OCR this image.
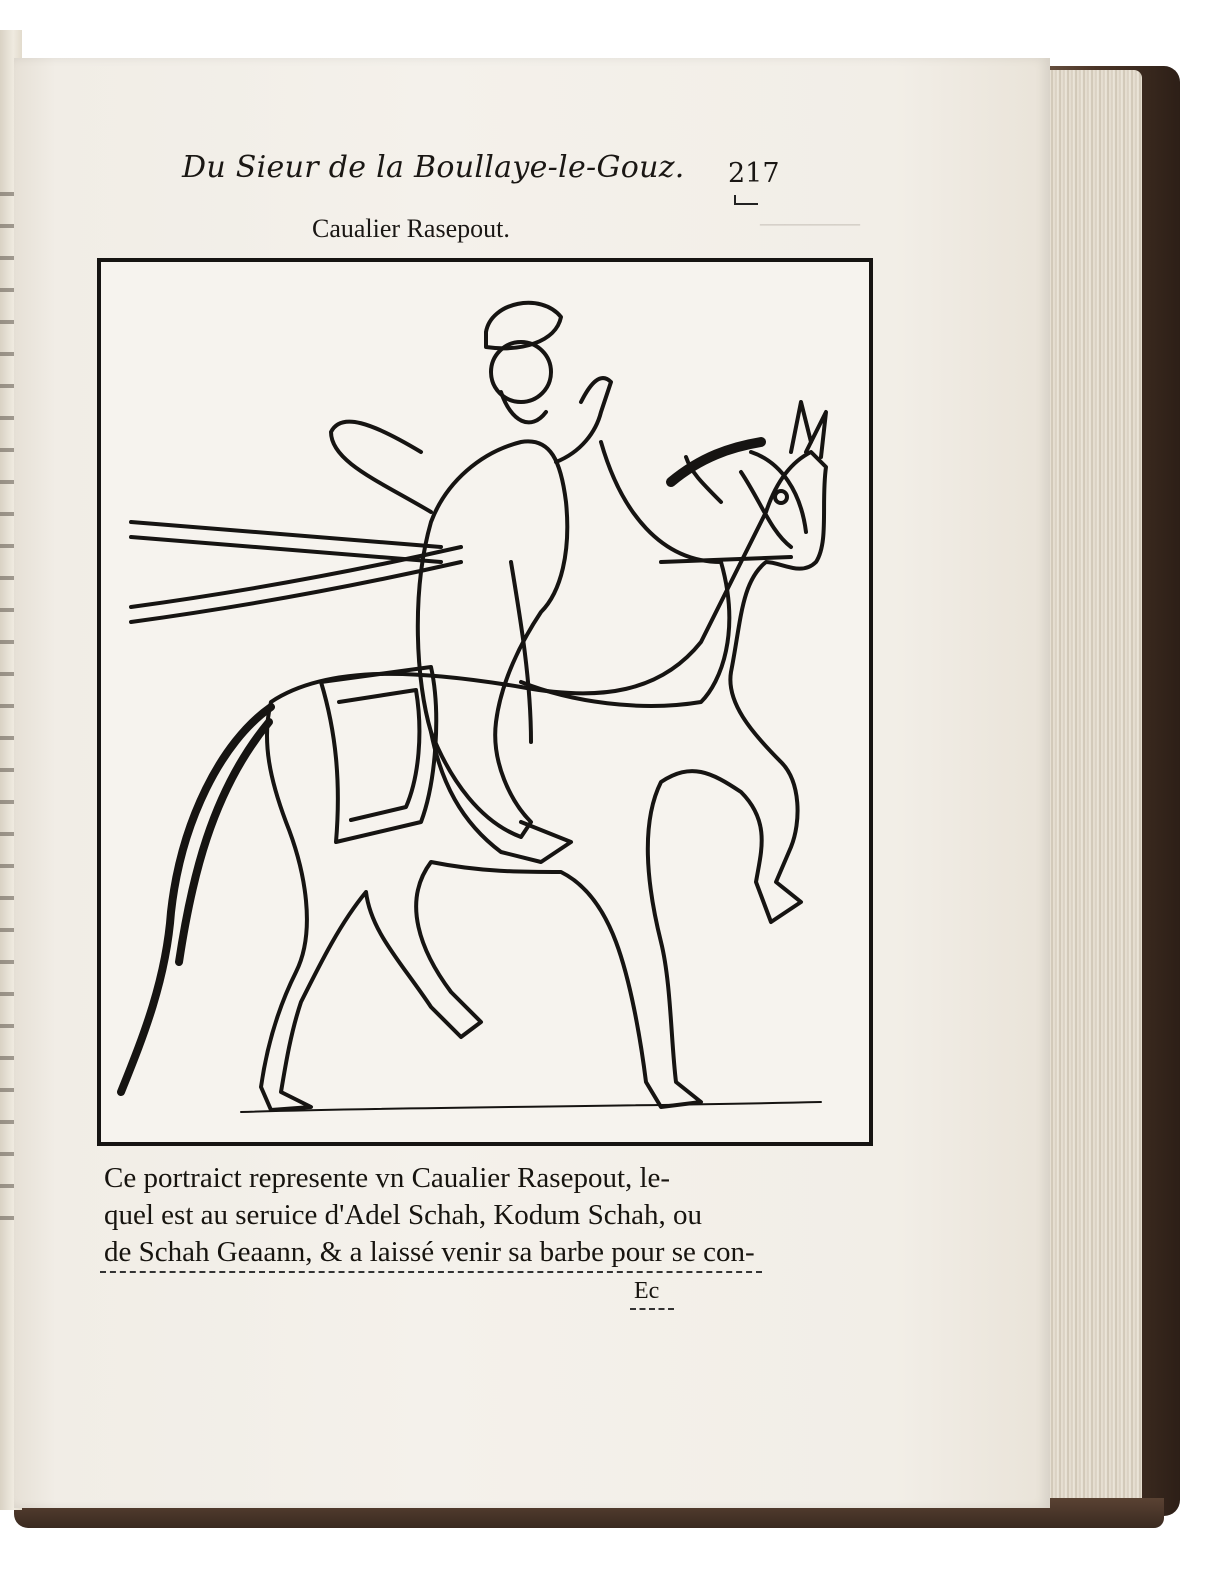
————
Du Sieur de la Boullaye-le-Gouz. 217
Caualier Rasepout.
Ce portraict represente vn Caualier Rasepout, le-
quel est au seruice d'Adel Schah, Kodum Schah, ou
de Schah Geaann, & a laissé venir sa barbe pour se con-
Ec
